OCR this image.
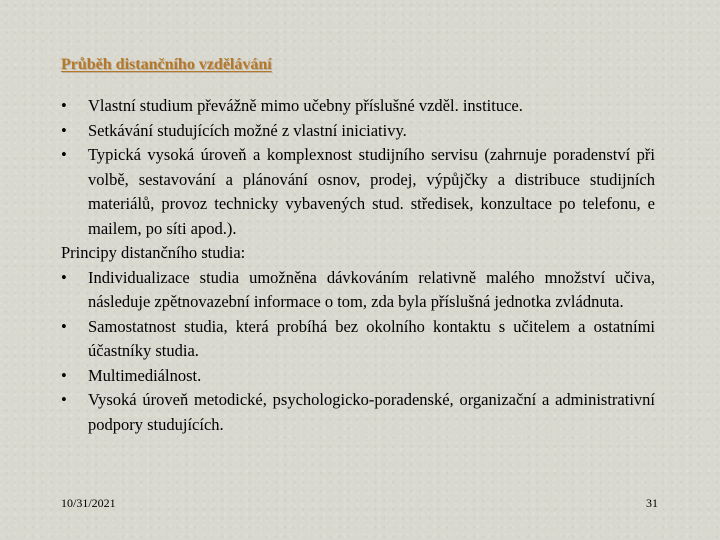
Průběh distančního vzdělávání
• Vlastní studium převážně mimo učebny příslušné vzděl. instituce.
• Setkávání studujících možné z vlastní iniciativy.
• Typická vysoká úroveň a komplexnost studijního servisu (zahrnuje poradenství při volbě, sestavování a plánování osnov, prodej, výpůjčky a distribuce studijních materiálů, provoz technicky vybavených stud. středisek, konzultace po telefonu, e mailem, po síti apod.).

Principy distančního studia:

• Individualizace studia umožněna dávkováním relativně malého množství učiva, následuje zpětnovazební informace o tom, zda byla příslušná jednotka zvládnuta.
• Samostatnost studia, která probíhá bez okolního kontaktu s učitelem a ostatními účastníky studia.
• Multimediálnost.
• Vysoká úroveň metodické, psychologicko-poradenské, organizační a administrativní podpory studujících.
10/31/2021	31
